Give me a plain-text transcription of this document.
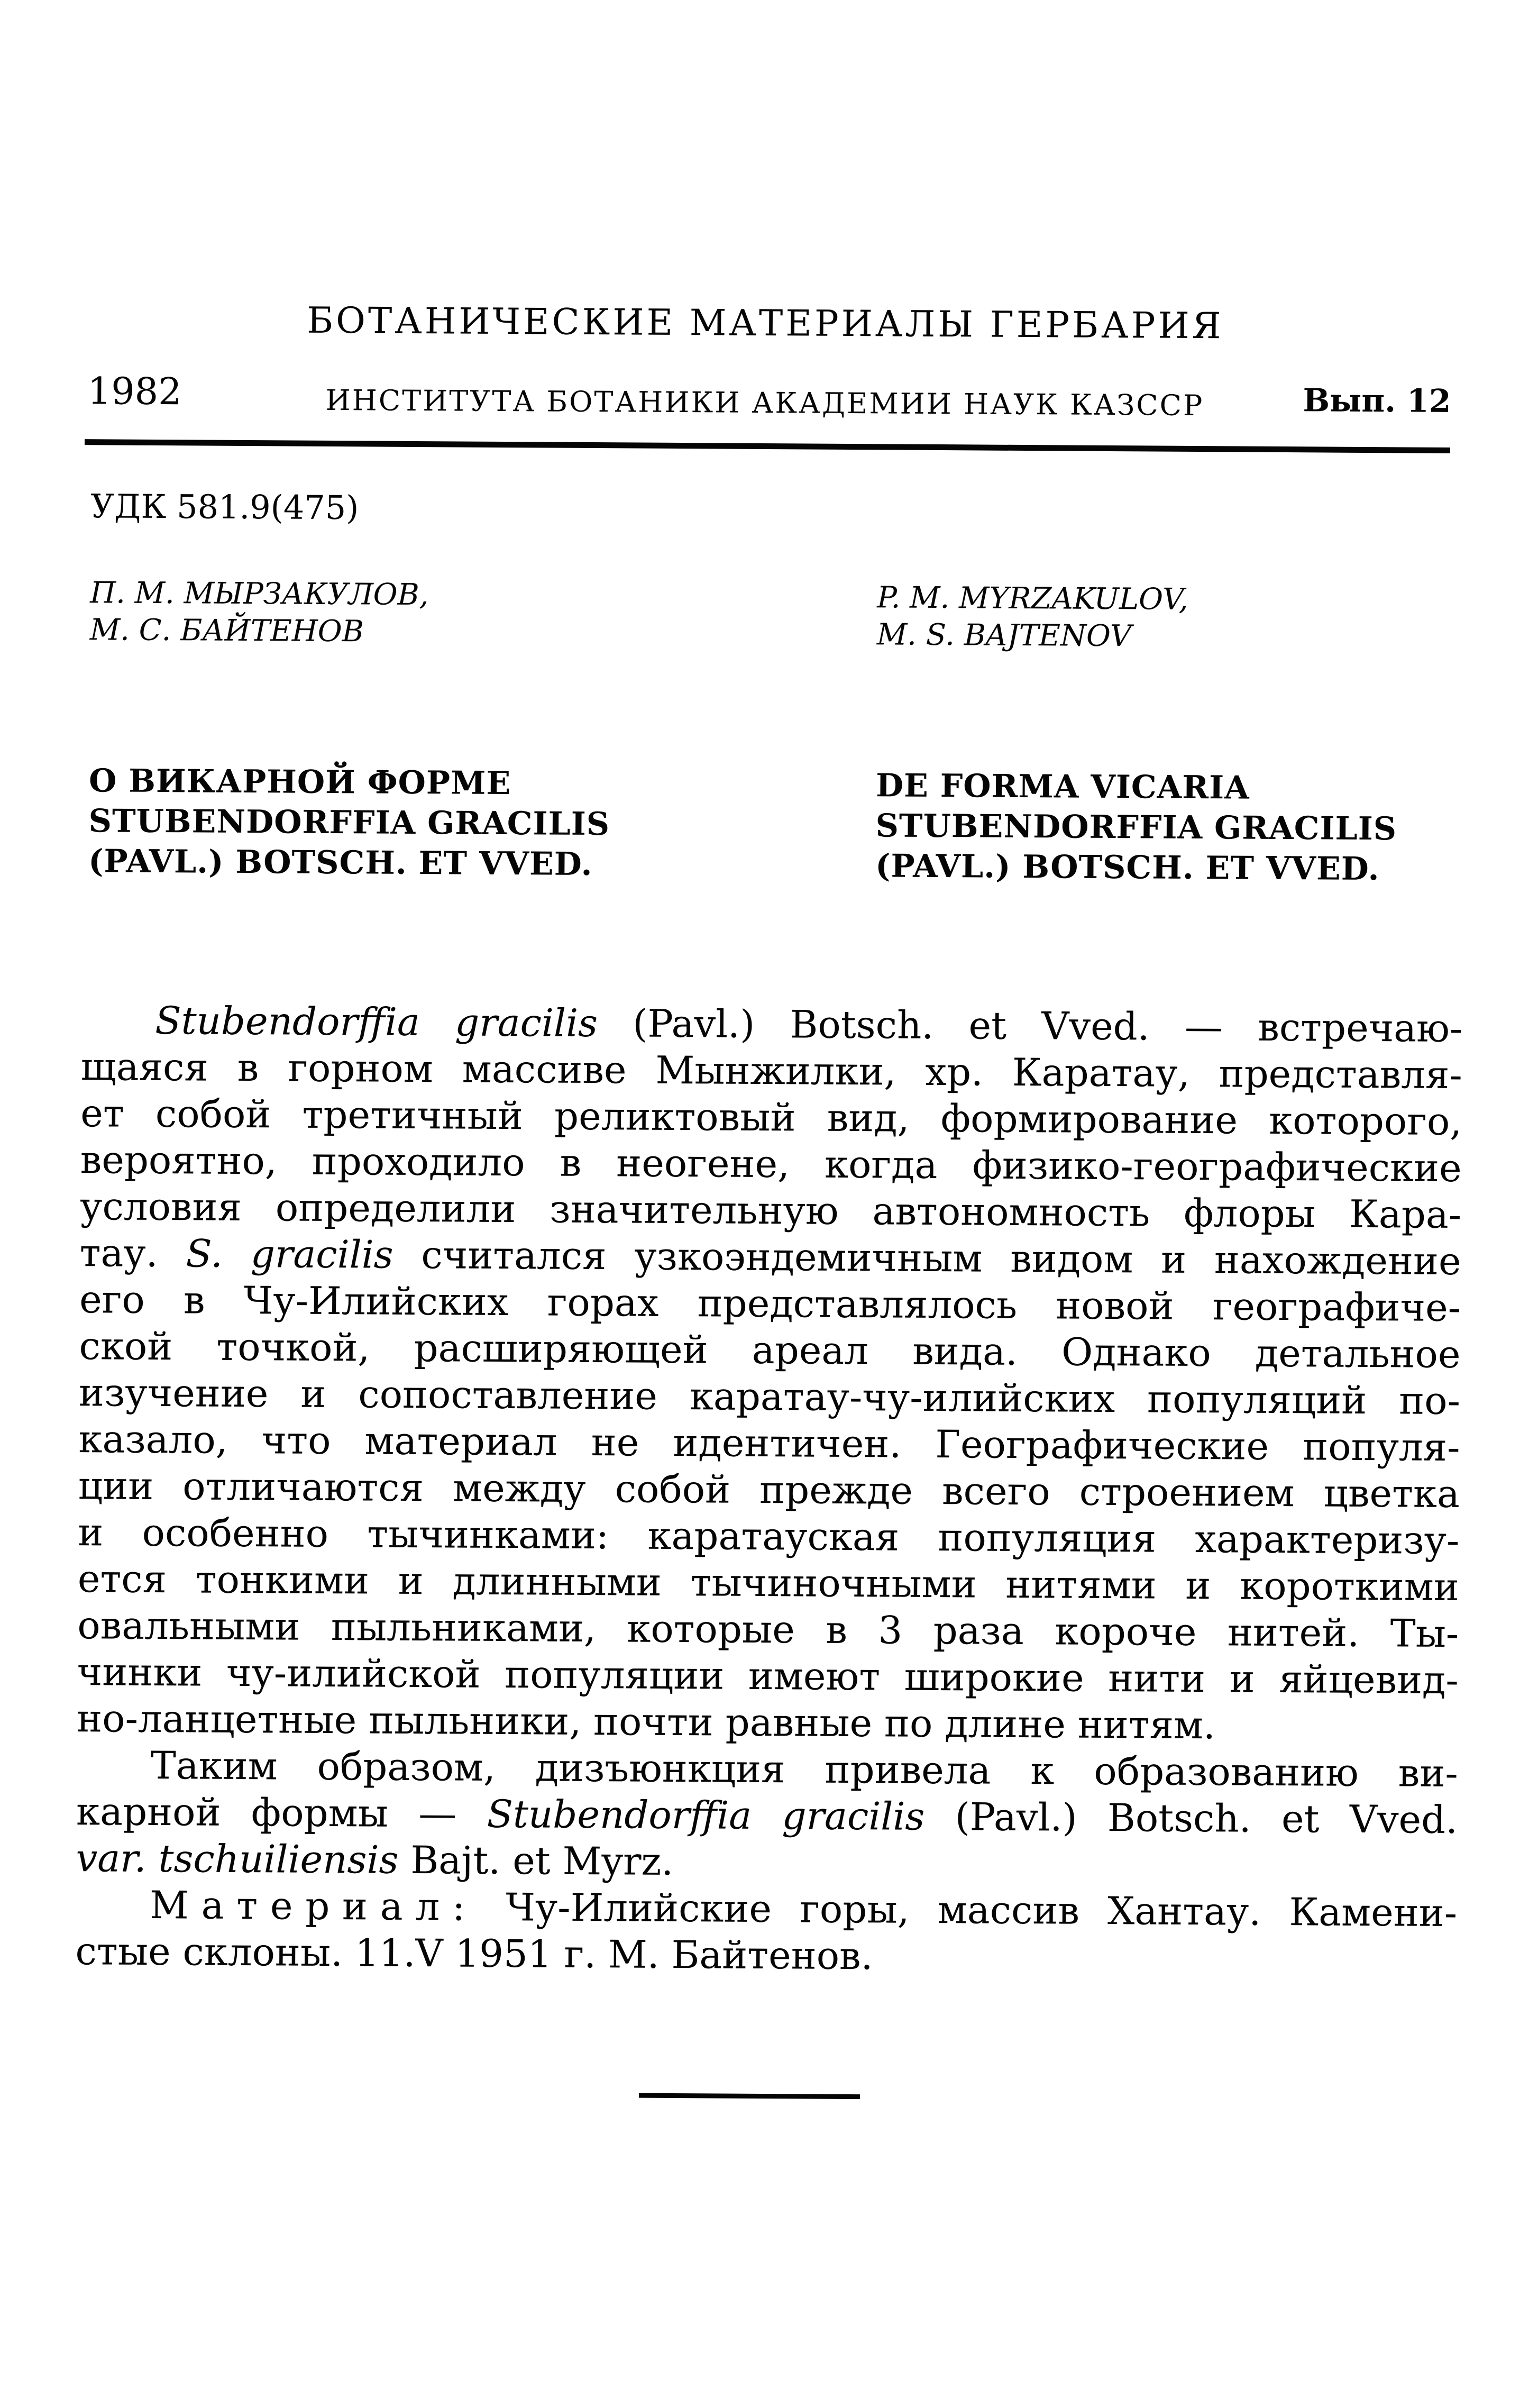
БОТАНИЧЕСКИЕ МАТЕРИАЛЫ ГЕРБАРИЯ
1982	ИНСТИТУТА БОТАНИКИ АКАДЕМИИ НАУК КАЗССР	Вып. 12
УДК 581.9(475)
П. М. МЫРЗАКУЛОВ,
М. С. БАЙТЕНОВ
P. M. MYRZAKULOV,
M. S. BAJTENOV
О ВИКАРНОЙ ФОРМЕ
STUBENDORFFIA GRACILIS
(PAVL.) BOTSCH. ET VVED.
DE FORMA VICARIA
STUBENDORFFIA GRACILIS
(PAVL.) BOTSCH. ET VVED.
Stubendorffia gracilis (Pavl.) Botsch. et Vved. — встречаю-
щаяся в горном массиве Мынжилки, хр. Каратау, представля-
ет собой третичный реликтовый вид, формирование которого,
вероятно, проходило в неогене, когда физико-географические
условия определили значительную автономность флоры Кара-
тау. S. gracilis считался узкоэндемичным видом и нахождение
его в Чу-Илийских горах представлялось новой географиче-
ской точкой, расширяющей ареал вида. Однако детальное
изучение и сопоставление каратау-чу-илийских популяций по-
казало, что материал не идентичен. Географические популя-
ции отличаются между собой прежде всего строением цветка
и особенно тычинками: каратауская популяция характеризу-
ется тонкими и длинными тычиночными нитями и короткими
овальными пыльниками, которые в 3 раза короче нитей. Ты-
чинки чу-илийской популяции имеют широкие нити и яйцевид-
но-ланцетные пыльники, почти равные по длине нитям.
Таким образом, дизъюнкция привела к образованию ви-
карной формы — Stubendorffia gracilis (Pavl.) Botsch. et Vved.
var. tschuiliensis Bajt. et Myrz.
Материал: Чу-Илийские горы, массив Хантау. Камени-
стые склоны. 11.V 1951 г. М. Байтенов.
